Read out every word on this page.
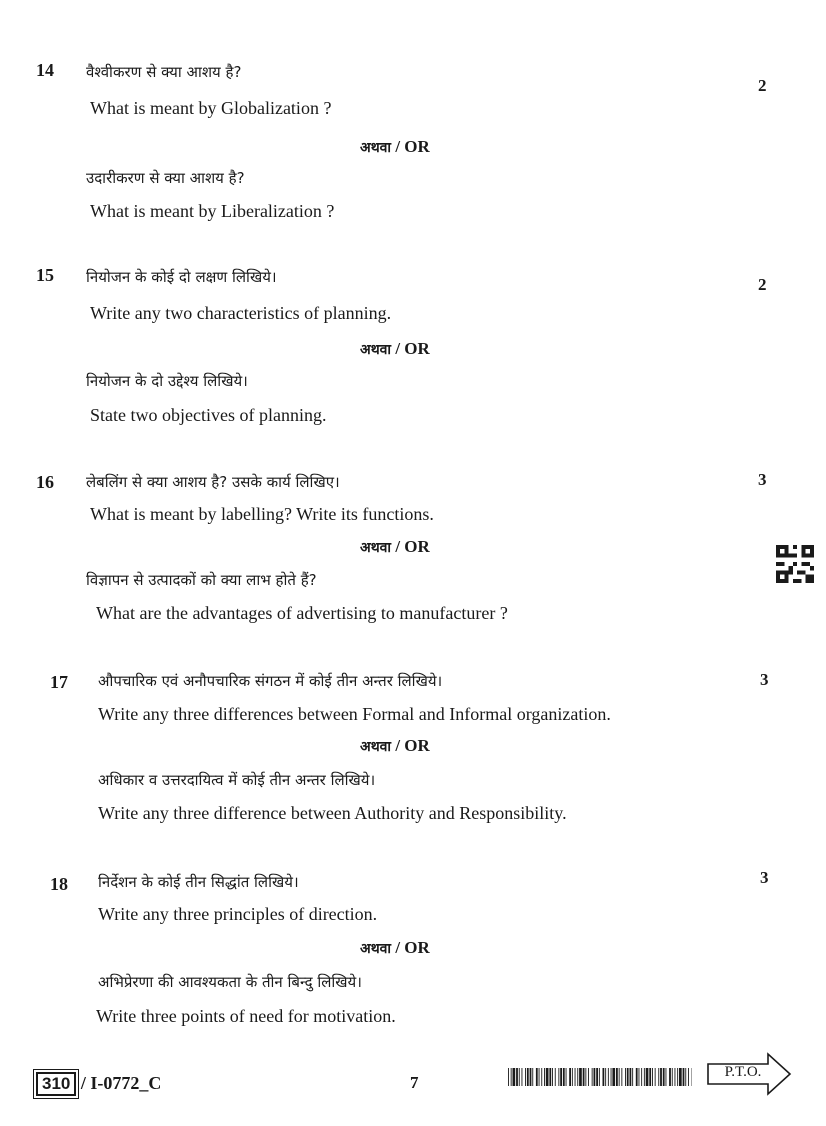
14 वैश्वीकरण से क्या आशय है?
2
What is meant by Globalization ?
अथवा / OR
उदारीकरण से क्या आशय है?
What is meant by Liberalization ?
15 नियोजन के कोई दो लक्षण लिखिये।	2
Write any two characteristics of planning.
अथवा / OR
नियोजन के दो उद्देश्य लिखिये।
State two objectives of planning.
16 लेबलिंग से क्या आशय है? उसके कार्य लिखिए।	3
What is meant by labelling? Write its functions.
अथवा / OR
विज्ञापन से उत्पादकों को क्या लाभ होते हैं?
What are the advantages of advertising to manufacturer ?
17 औपचारिक एवं अनौपचारिक संगठन में कोई तीन अन्तर लिखिये।	3
Write any three differences between Formal and Informal organization.
अथवा / OR
अधिकार व उत्तरदायित्व में कोई तीन अन्तर लिखिये।
Write any three difference between Authority and Responsibility.
18 निर्देशन के कोई तीन सिद्धांत लिखिये।	3
Write any three principles of direction.
अथवा / OR
अभिप्रेरणा की आवश्यकता के तीन बिन्दु लिखिये।
Write three points of need for motivation.
310 / I-0772_C	7
P.T.O.
